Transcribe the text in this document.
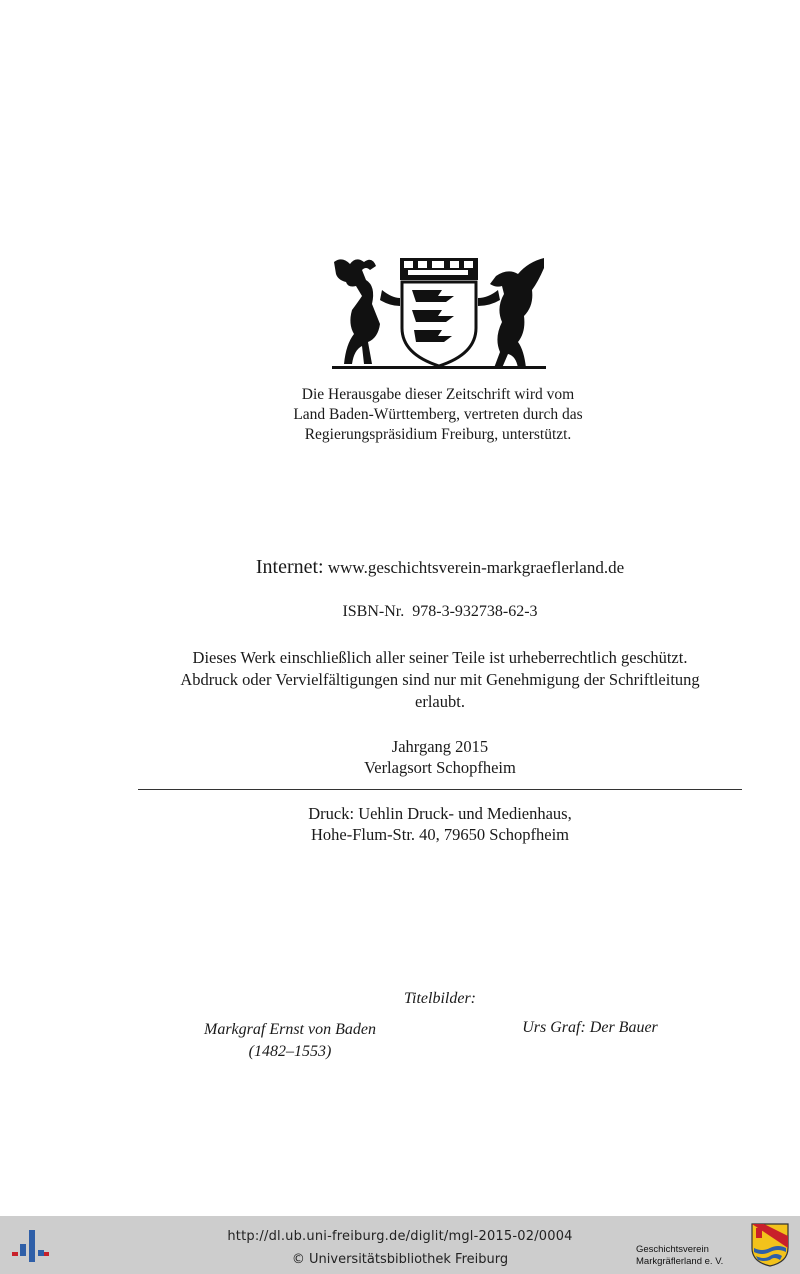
Die Herausgabe dieser Zeitschrift wird vom

Land Baden-Württemberg, vertreten durch das

Regierungspräsidium Freiburg, unterstützt.

Internet: www.geschichtsverein-markgraeflerland.de
ISBN-Nr. 978-3-932738-62-3

Dieses Werk einschließlich aller seiner Teile ist urheberrechtlich geschützt.

Abdruck oder Vervielfältigungen sind nur mit Genehmigung der Schriftleitung

erlaubt.

Jahrgang 2015

Verlagsort Schopfheim

Druck: Uehlin Druck- und Medienhaus,

Hohe-Flum-Str. 40, 79650 Schopfheim

Titelbilder:

Markgraf Ernst von Baden

(1482–1553)

Urs Graf: Der Bauer
http://dl.ub.uni-freiburg.de/diglit/mgl-2015-02/0004
© Universitätsbibliothek Freiburg
Geschichtsverein
Markgräflerland e. V.
